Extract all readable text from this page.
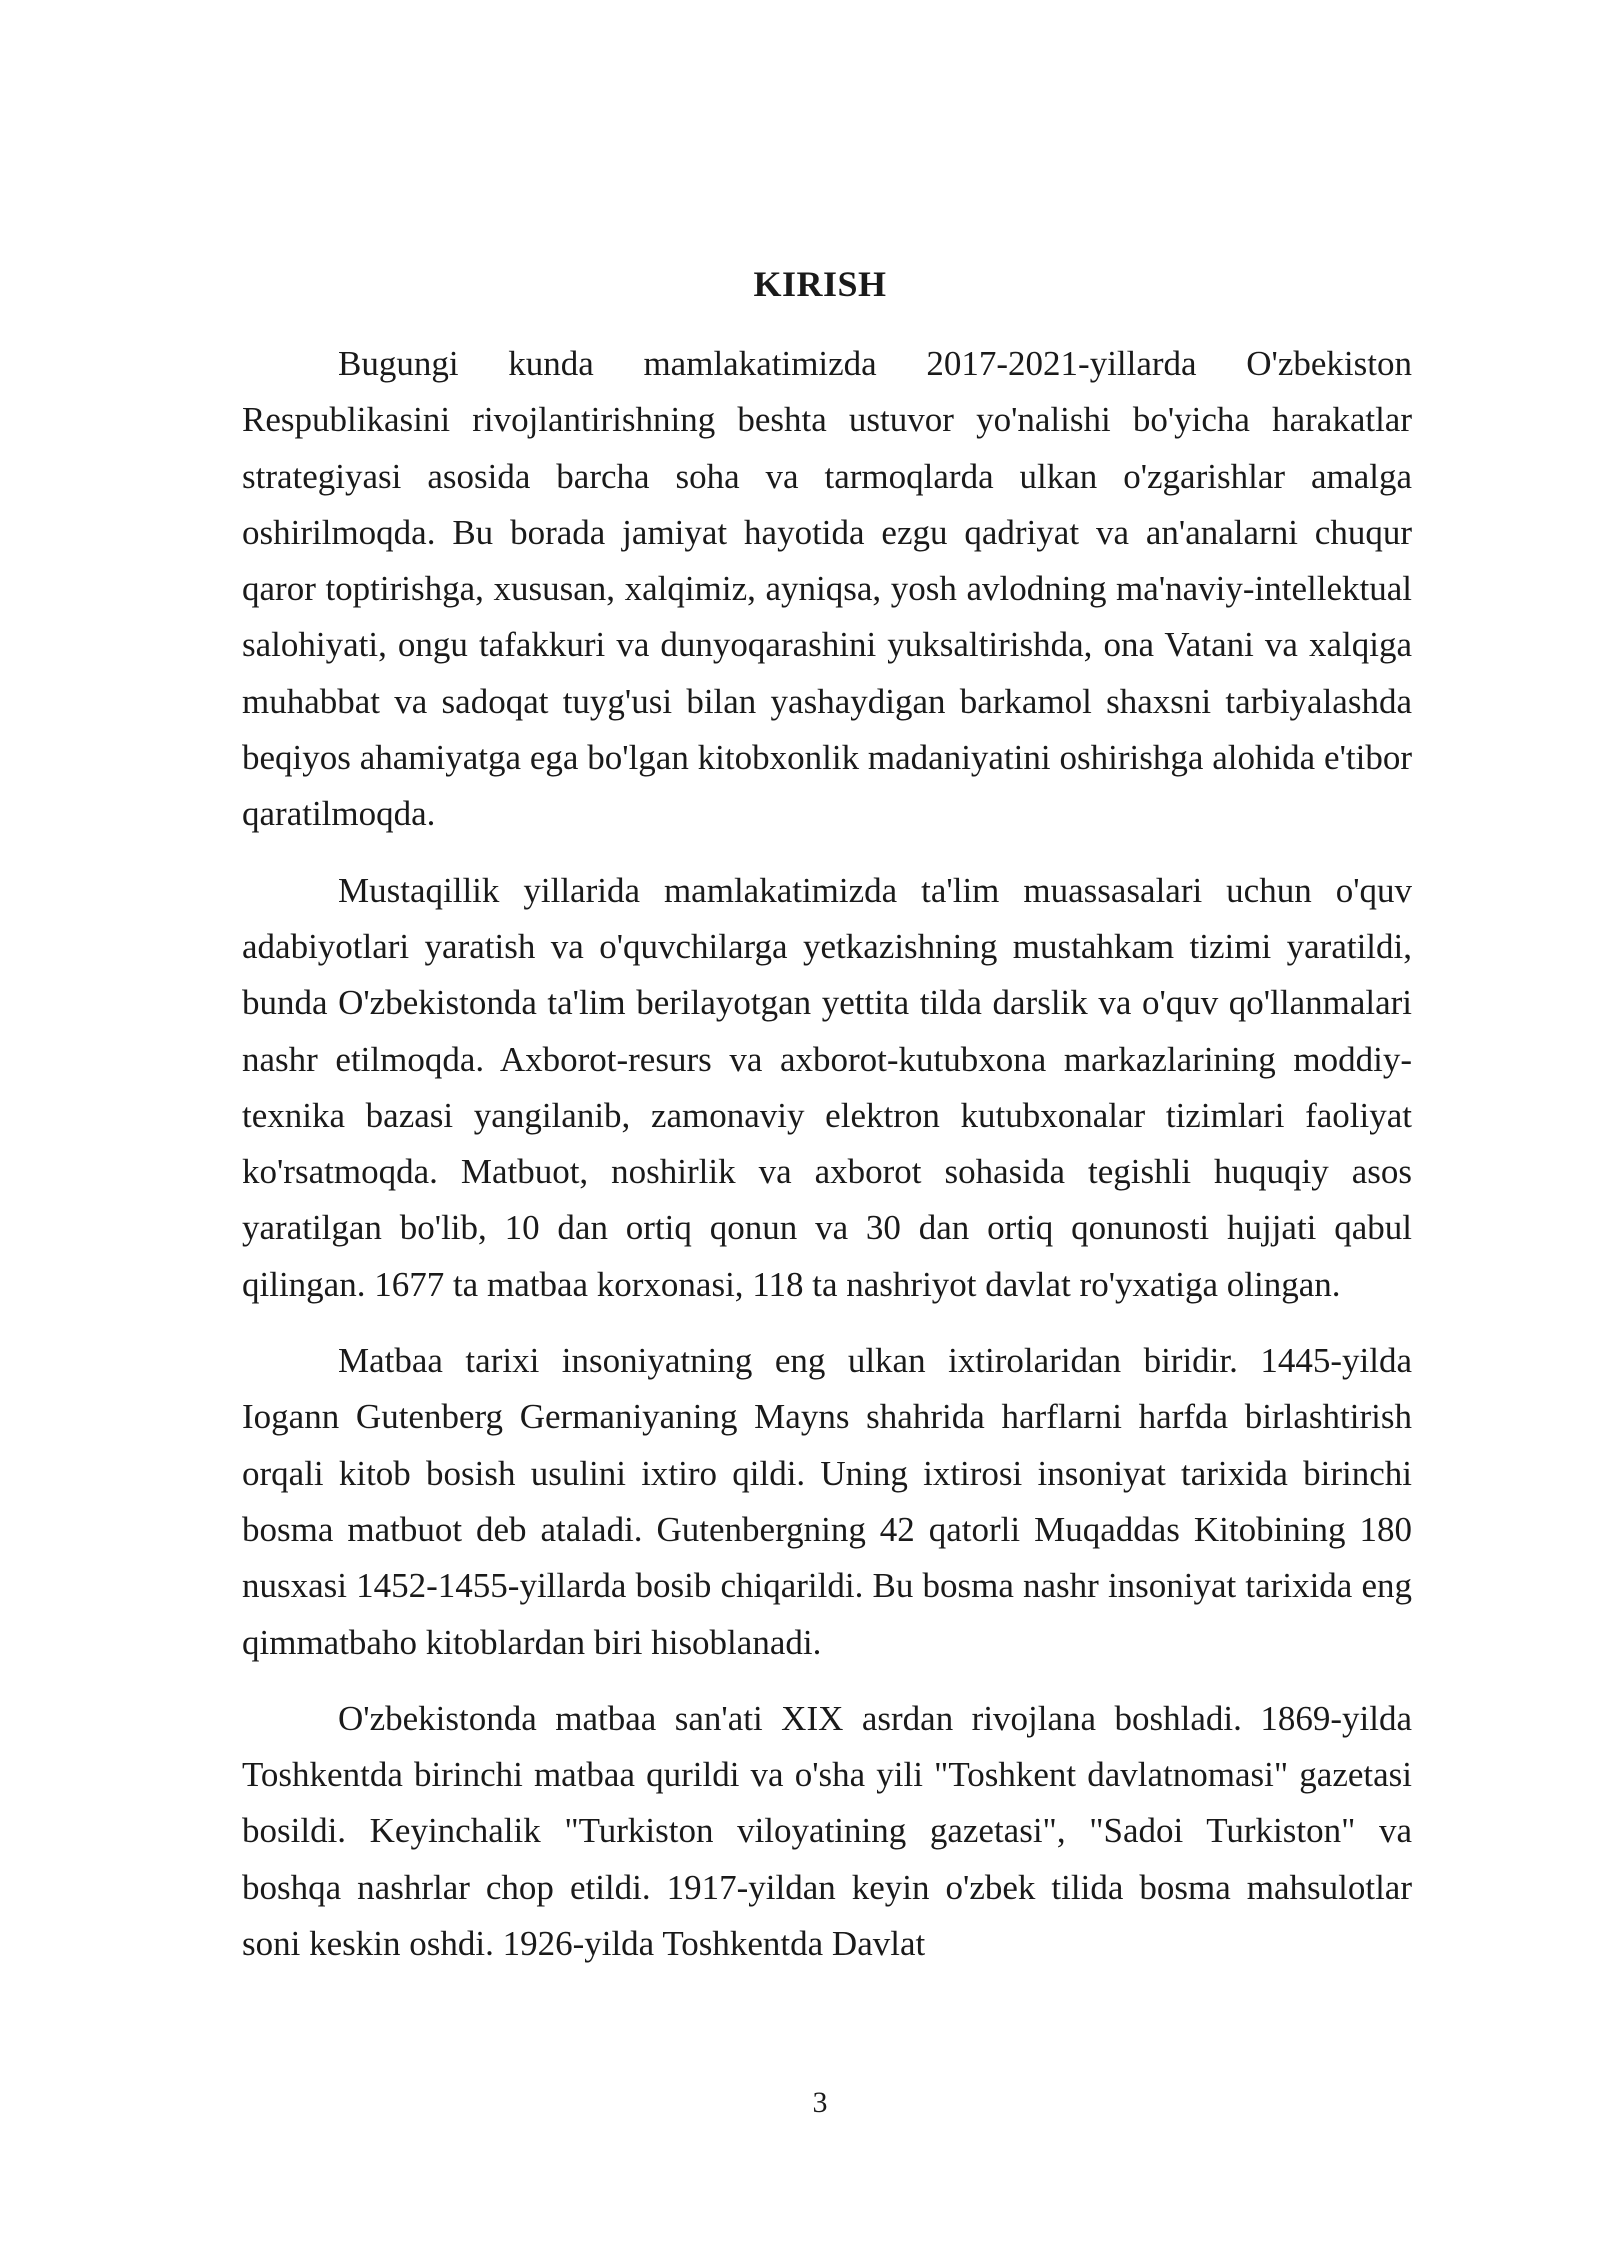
KIRISH

Bugungi kunda mamlakatimizda 2017-2021-yillarda O'zbekiston Respublikasini rivojlantirishning beshta ustuvor yo'nalishi bo'yicha harakatlar strategiyasi asosida barcha soha va tarmoqlarda ulkan o'zgarishlar amalga oshirilmoqda. Bu borada jamiyat hayotida ezgu qadriyat va an'analarni chuqur qaror toptirishga, xususan, xalqimiz, ayniqsa, yosh avlodning ma'naviy-intellektual salohiyati, ongu tafakkuri va dunyoqarashini yuksaltirishda, ona Vatani va xalqiga muhabbat va sadoqat tuyg'usi bilan yashaydigan barkamol shaxsni tarbiyalashda beqiyos ahamiyatga ega bo'lgan kitobxonlik madaniyatini oshirishga alohida e'tibor qaratilmoqda.

Mustaqillik yillarida mamlakatimizda ta'lim muassasalari uchun o'quv adabiyotlari yaratish va o'quvchilarga yetkazishning mustahkam tizimi yaratildi, bunda O'zbekistonda ta'lim berilayotgan yettita tilda darslik va o'quv qo'llanmalari nashr etilmoqda. Axborot-resurs va axborot-kutubxona markazlarining moddiy-texnika bazasi yangilanib, zamonaviy elektron kutubxonalar tizimlari faoliyat ko'rsatmoqda. Matbuot, noshirlik va axborot sohasida tegishli huquqiy asos yaratilgan bo'lib, 10 dan ortiq qonun va 30 dan ortiq qonunosti hujjati qabul qilingan. 1677 ta matbaa korxonasi, 118 ta nashriyot davlat ro'yxatiga olingan.

Matbaa tarixi insoniyatning eng ulkan ixtirolaridan biridir. 1445-yilda Iogann Gutenberg Germaniyaning Mayns shahrida harflarni harfda birlashtirish orqali kitob bosish usulini ixtiro qildi. Uning ixtirosi insoniyat tarixida birinchi bosma matbuot deb ataladi. Gutenbergning 42 qatorli Muqaddas Kitobining 180 nusxasi 1452-1455-yillarda bosib chiqarildi. Bu bosma nashr insoniyat tarixida eng qimmatbaho kitoblardan biri hisoblanadi.

O'zbekistonda matbaa san'ati XIX asrdan rivojlana boshladi. 1869-yilda Toshkentda birinchi matbaa qurildi va o'sha yili "Toshkent davlatnomasi" gazetasi bosildi. Keyinchalik "Turkiston viloyatining gazetasi", "Sadoi Turkiston" va boshqa nashrlar chop etildi. 1917-yildan keyin o'zbek tilida bosma mahsulotlar soni keskin oshdi. 1926-yilda Toshkentda Davlat

3
